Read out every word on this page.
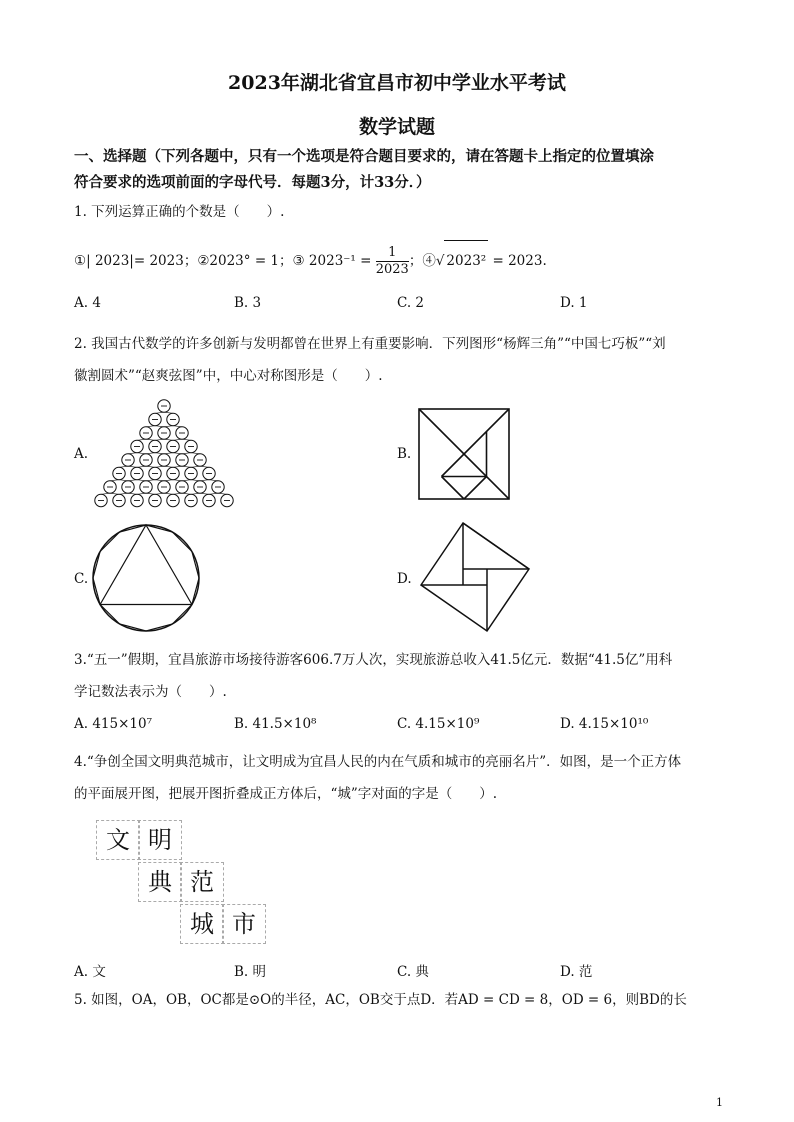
2023年湖北省宜昌市初中学业水平考试
数学试题
一、选择题（下列各题中，只有一个选项是符合题目要求的，请在答题卡上指定的位置填涂
符合要求的选项前面的字母代号．每题3分，计33分．）
1. 下列运算正确的个数是（　　）.
①| 2023|= 2023；②2023° = 1；③ $2023^{-1} = \frac{1}{2023}$ ；④√ 2023² = 2023.
A. 4	B. 3	C. 2	D. 1
2. 我国古代数学的许多创新与发明都曾在世界上有重要影响．下列图形“杨辉三角”“中国七巧板”“刘
徽割圆术”“赵爽弦图”中，中心对称图形是（　　）.
A.	B.
C.	D.
3.“五一”假期，宜昌旅游市场接待游客606.7万人次，实现旅游总收入41.5亿元．数据“41.5亿”用科
学记数法表示为（　　）.
A. 415×10⁷	B. 41.5×10⁸	C. 4.15×10⁹	D. 4.15×10¹⁰
4.“争创全国文明典范城市，让文明成为宜昌人民的内在气质和城市的亮丽名片”．如图，是一个正方体
的平面展开图，把展开图折叠成正方体后，“城”字对面的字是（　　）.
文 明
典 范
城 市
A. 文	B. 明	C. 典	D. 范
5. 如图，OA，OB，OC都是⊙O的半径，AC，OB交于点D．若AD = CD = 8，OD = 6，则BD的长
1
